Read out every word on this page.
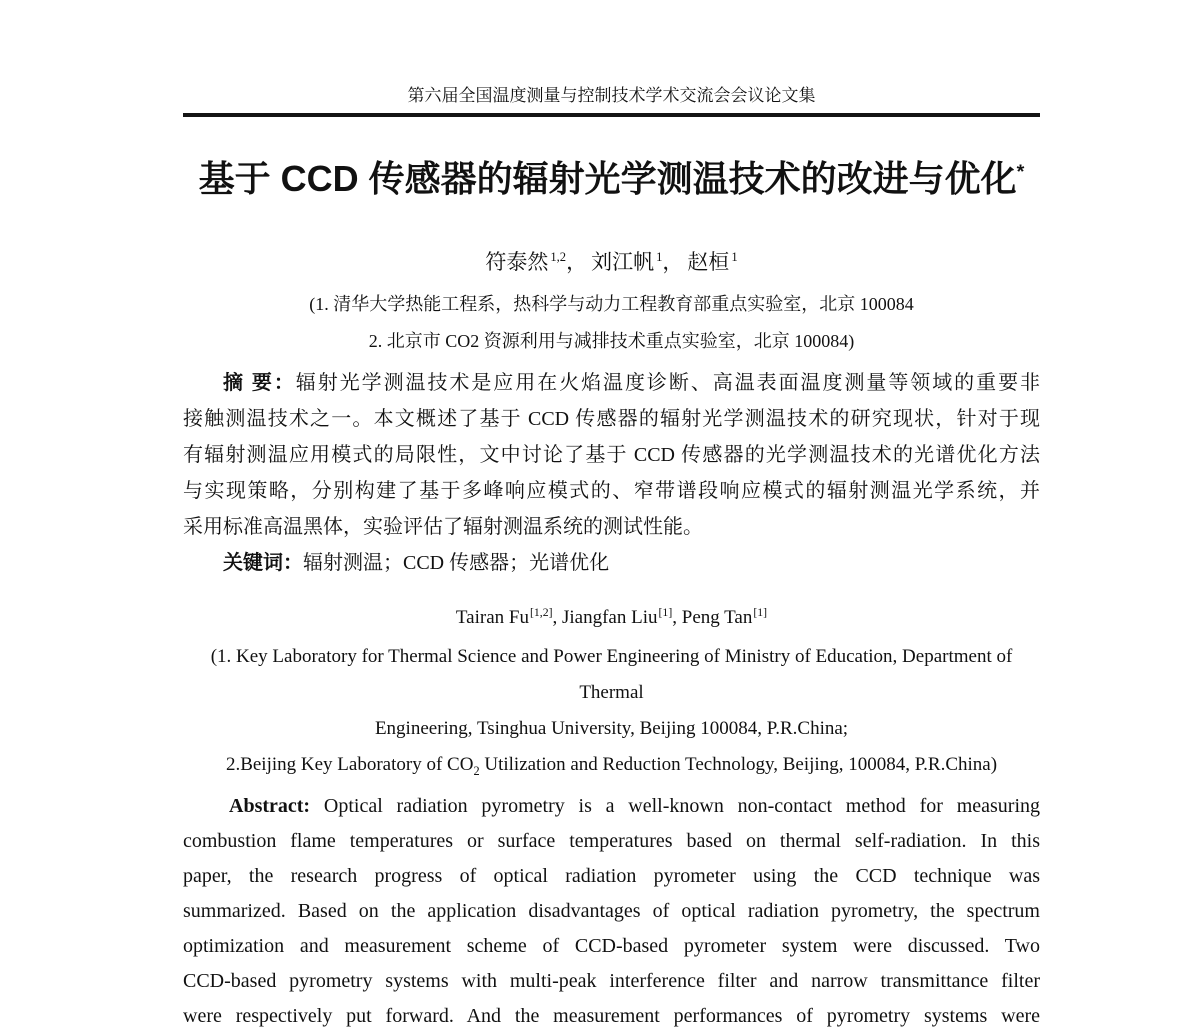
第六届全国温度测量与控制技术学术交流会会议论文集
基于 CCD 传感器的辐射光学测温技术的改进与优化*
符泰然 $^{1,2}$， 刘江帆 $^1$， 赵桓 $^1$
(1. 清华大学热能工程系，热科学与动力工程教育部重点实验室，北京 100084
2. 北京市 CO2 资源利用与减排技术重点实验室，北京 100084)
摘 要：辐射光学测温技术是应用在火焰温度诊断、高温表面温度测量等领域的重要非
接触测温技术之一。本文概述了基于 CCD 传感器的辐射光学测温技术的研究现状，针对于现
有辐射测温应用模式的局限性，文中讨论了基于 CCD 传感器的光学测温技术的光谱优化方法
与实现策略，分别构建了基于多峰响应模式的、窄带谱段响应模式的辐射测温光学系统，并
采用标准高温黑体，实验评估了辐射测温系统的测试性能。
关键词：辐射测温；CCD 传感器；光谱优化
Tairan Fu[1,2], Jiangfan Liu[1], Peng Tan[1]
(1. Key Laboratory for Thermal Science and Power Engineering of Ministry of Education, Department of Thermal
Engineering, Tsinghua University, Beijing 100084, P.R.China;
2.Beijing Key Laboratory of $CO_2$ Utilization and Reduction Technology, Beijing, 100084, P.R.China)
Abstract: Optical radiation pyrometry is a well-known non-contact method for measuring
combustion flame temperatures or surface temperatures based on thermal self-radiation. In this
paper, the research progress of optical radiation pyrometer using the CCD technique was
summarized. Based on the application disadvantages of optical radiation pyrometry, the spectrum
optimization and measurement scheme of CCD-based pyrometer system were discussed. Two
CCD-based pyrometry systems with multi-peak interference filter and narrow transmittance filter
were respectively put forward. And the measurement performances of pyrometry systems were
